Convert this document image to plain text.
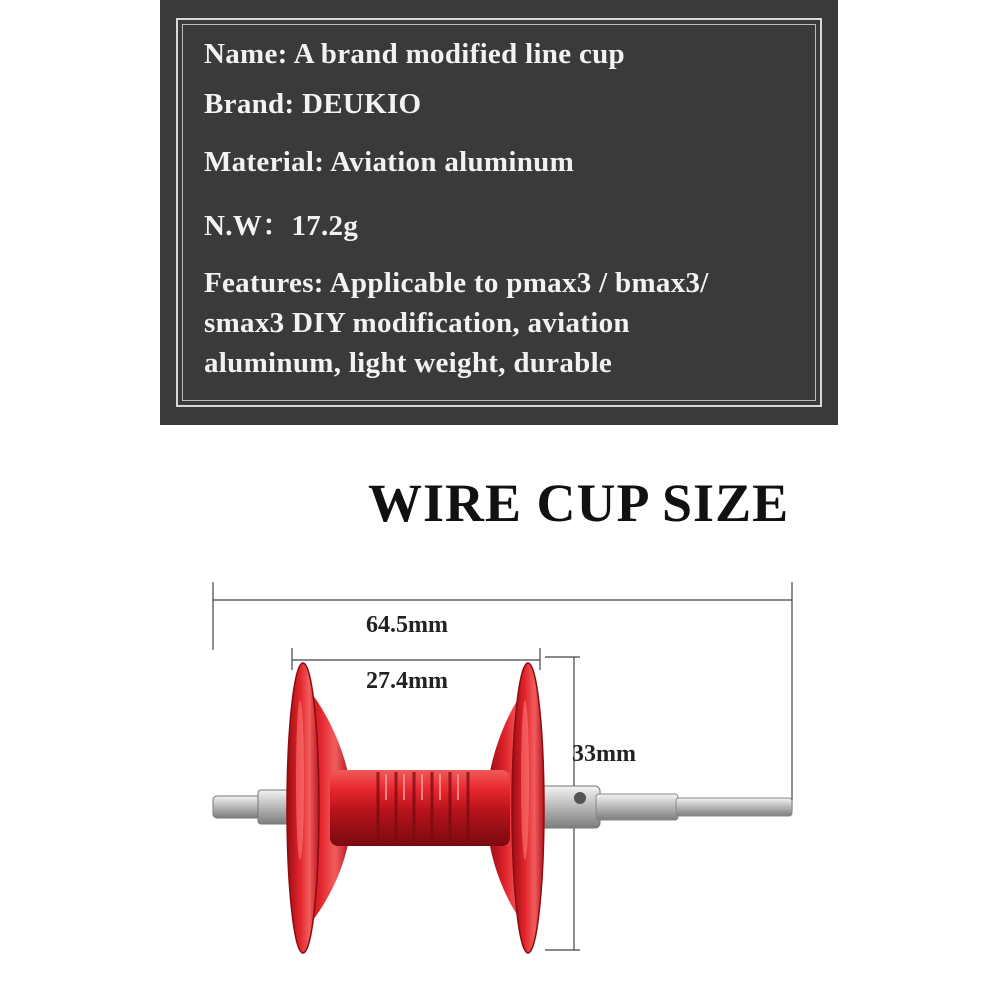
Name: A brand modified line cup
Brand: DEUKIO
Material: Aviation aluminum
N.W：17.2g
Features: Applicable to pmax3 / bmax3/
smax3 DIY modification, aviation
aluminum, light weight, durable
WIRE CUP SIZE
64.5mm
27.4mm
33mm
